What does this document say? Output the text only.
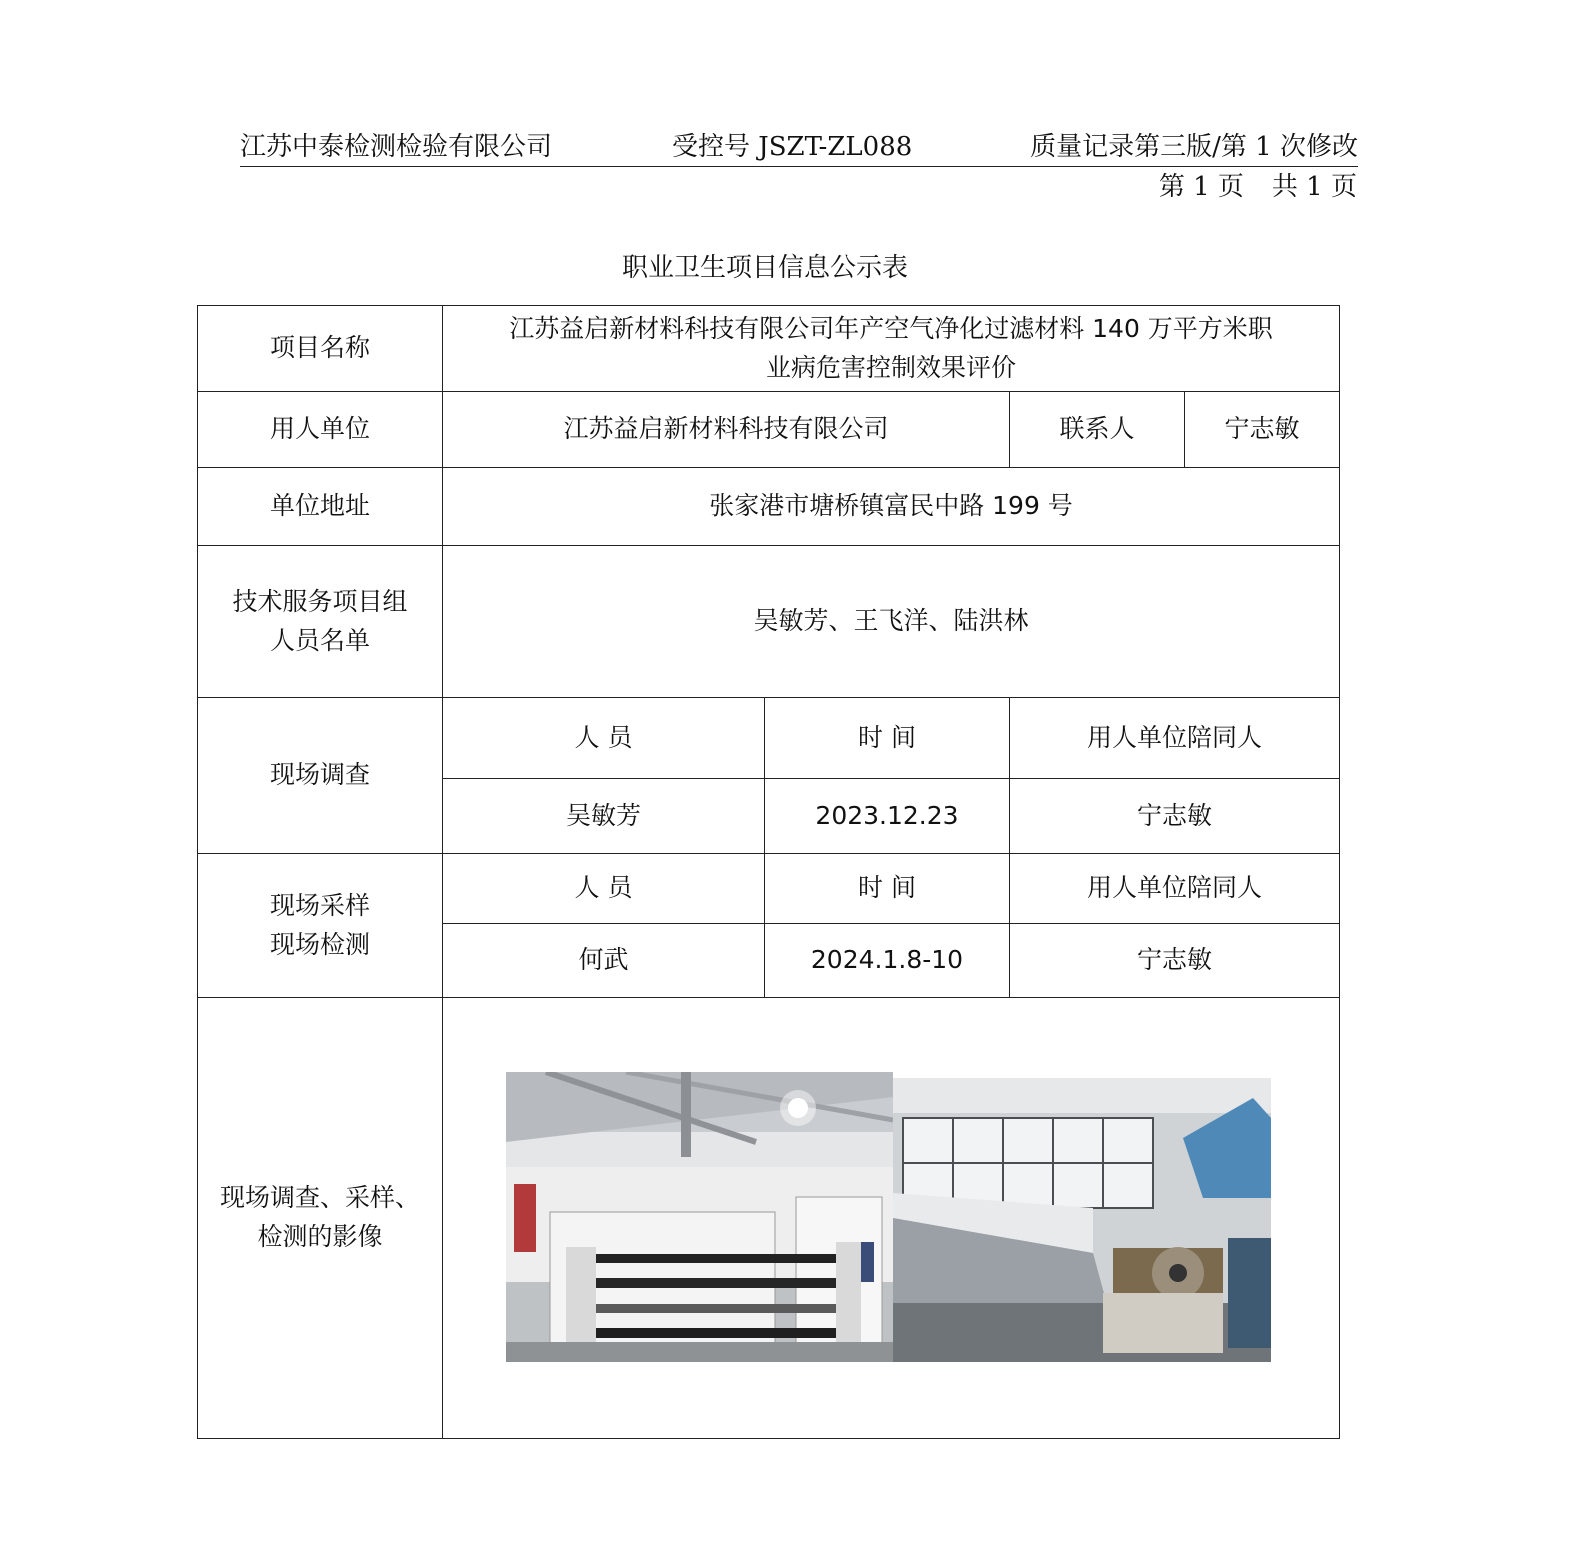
江苏中泰检测检验有限公司	受控号 JSZT-ZL088	质量记录第三版/第 1 次修改
第 1 页 共 1 页
职业卫生项目信息公示表
项目名称	江苏益启新材料科技有限公司年产空气净化过滤材料 140 万平方米职
业病危害控制效果评价			

用人单位	江苏益启新材料科技有限公司		联系人	宁志敏
单位地址	张家港市塘桥镇富民中路 199 号			

技术服务项目组
人员名单	吴敏芳、王飞洋、陆洪林			
现场调查	人 员	时 间	用人单位陪同人	
	吴敏芳	2023.12.23	宁志敏	

现场采样
现场检测	人 员	时 间	用人单位陪同人	
	何武	2024.1.8-10	宁志敏	

现场调查、采样、
检测的影像
